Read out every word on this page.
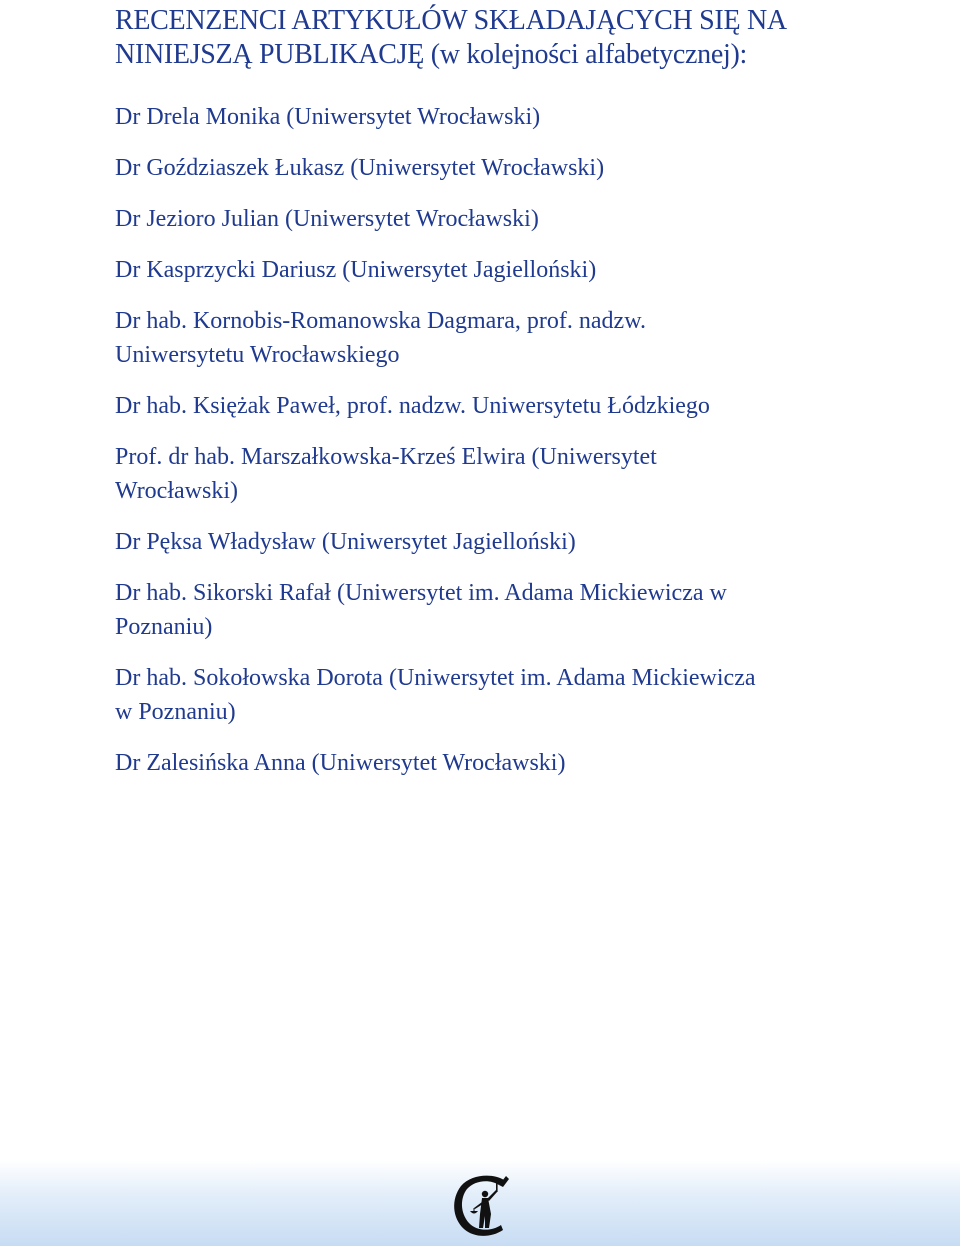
RECENZENCI ARTYKUŁÓW SKŁADAJĄCYCH SIĘ NA NINIEJSZĄ PUBLIKACJĘ (w kolejności alfabetycznej):
Dr Drela Monika (Uniwersytet Wrocławski)
Dr Goździaszek Łukasz (Uniwersytet Wrocławski)
Dr Jezioro Julian (Uniwersytet Wrocławski)
Dr Kasprzycki Dariusz (Uniwersytet Jagielloński)
Dr hab. Kornobis-Romanowska Dagmara, prof. nadzw.
Uniwersytetu Wrocławskiego
Dr hab. Księżak Paweł, prof. nadzw. Uniwersytetu Łódzkiego
Prof. dr hab. Marszałkowska-Krześ Elwira (Uniwersytet
Wrocławski)
Dr Pęksa Władysław (Uniwersytet Jagielloński)
Dr hab. Sikorski Rafał (Uniwersytet im. Adama Mickiewicza w
Poznaniu)
Dr hab. Sokołowska Dorota (Uniwersytet im. Adama Mickiewicza
w Poznaniu)
Dr Zalesińska Anna (Uniwersytet Wrocławski)
